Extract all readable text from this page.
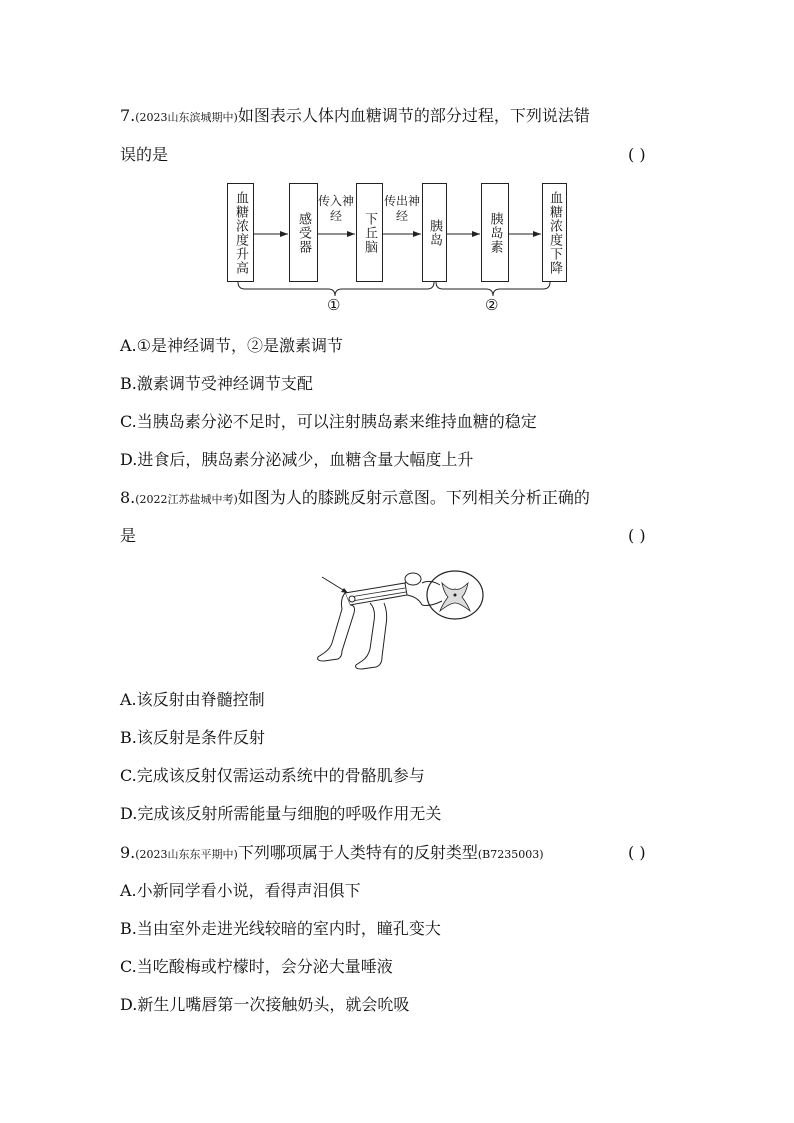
7.(2023山东滨城期中)如图表示人体内血糖调节的部分过程，下列说法错
误的是	( )
血糖浓度升高	感受器	下丘脑	胰岛	胰岛素	血糖浓度下降
传入神经
传出神经
①	②
A.①是神经调节，②是激素调节
B.激素调节受神经调节支配
C.当胰岛素分泌不足时，可以注射胰岛素来维持血糖的稳定
D.进食后，胰岛素分泌减少，血糖含量大幅度上升
8.(2022江苏盐城中考)如图为人的膝跳反射示意图。下列相关分析正确的
是	( )
A.该反射由脊髓控制
B.该反射是条件反射
C.完成该反射仅需运动系统中的骨骼肌参与
D.完成该反射所需能量与细胞的呼吸作用无关
9.(2023山东东平期中)下列哪项属于人类特有的反射类型(B7235003)	( )
A.小新同学看小说，看得声泪俱下
B.当由室外走进光线较暗的室内时，瞳孔变大
C.当吃酸梅或柠檬时，会分泌大量唾液
D.新生儿嘴唇第一次接触奶头，就会吮吸
